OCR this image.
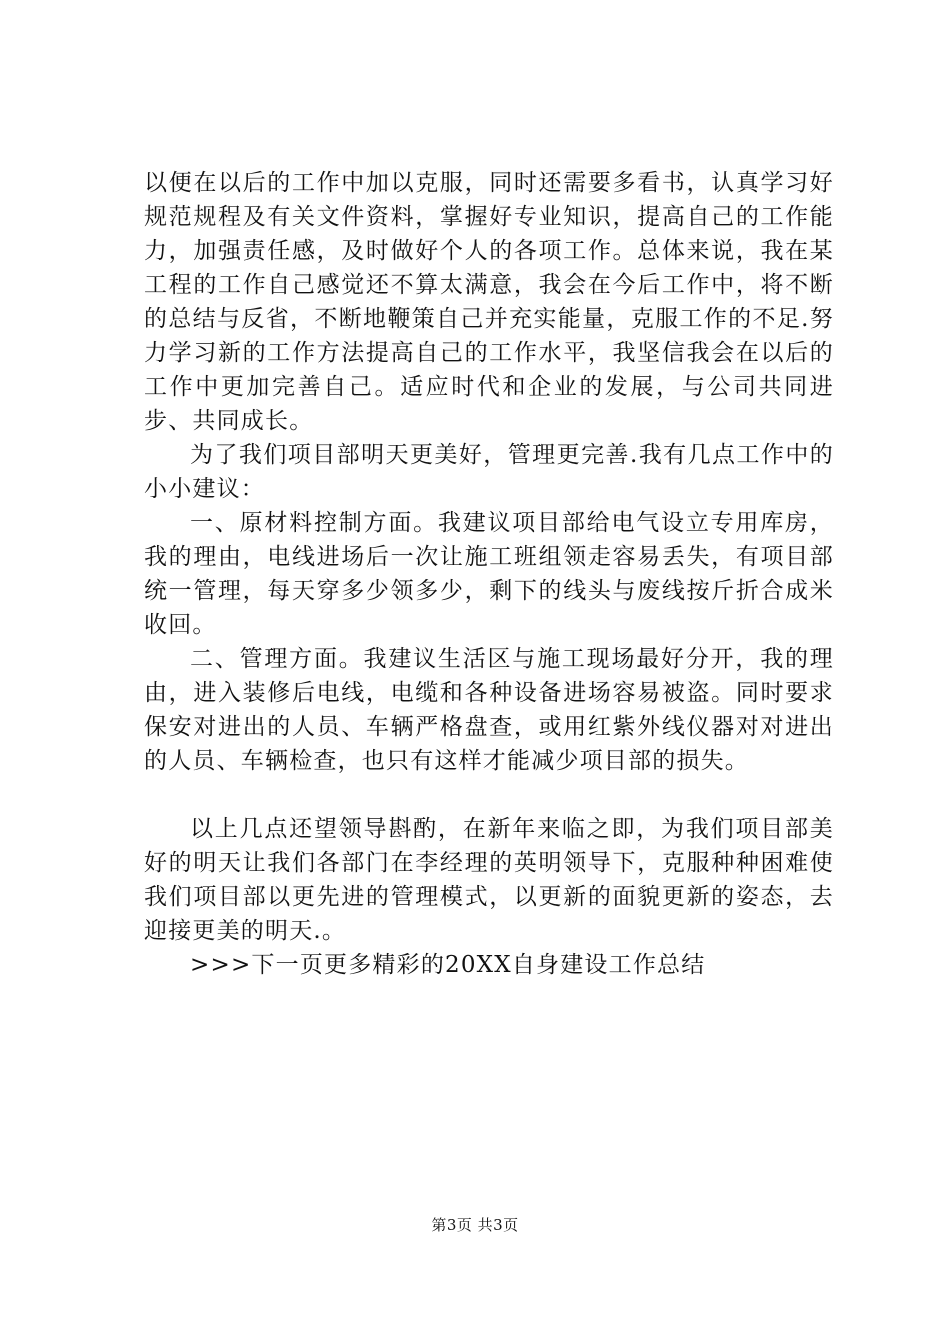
以便在以后的工作中加以克服，同时还需要多看书，认真学习好规范规程及有关文件资料，掌握好专业知识，提高自己的工作能力，加强责任感，及时做好个人的各项工作。总体来说，我在某工程的工作自己感觉还不算太满意，我会在今后工作中，将不断的总结与反省，不断地鞭策自己并充实能量，克服工作的不足.努力学习新的工作方法提高自己的工作水平，我坚信我会在以后的工作中更加完善自己。适应时代和企业的发展，与公司共同进步、共同成长。

为了我们项目部明天更美好，管理更完善.我有几点工作中的小小建议：

一、原材料控制方面。我建议项目部给电气设立专用库房，我的理由，电线进场后一次让施工班组领走容易丢失，有项目部统一管理，每天穿多少领多少，剩下的线头与废线按斤折合成米收回。

二、管理方面。我建议生活区与施工现场最好分开，我的理由，进入装修后电线，电缆和各种设备进场容易被盗。同时要求保安对进出的人员、车辆严格盘查，或用红紫外线仪器对对进出的人员、车辆检查，也只有这样才能减少项目部的损失。

以上几点还望领导斟酌，在新年来临之即，为我们项目部美好的明天让我们各部门在李经理的英明领导下，克服种种困难使我们项目部以更先进的管理模式，以更新的面貌更新的姿态，去迎接更美的明天.。

>>>下一页更多精彩的20XX自身建设工作总结

第3页 共3页
